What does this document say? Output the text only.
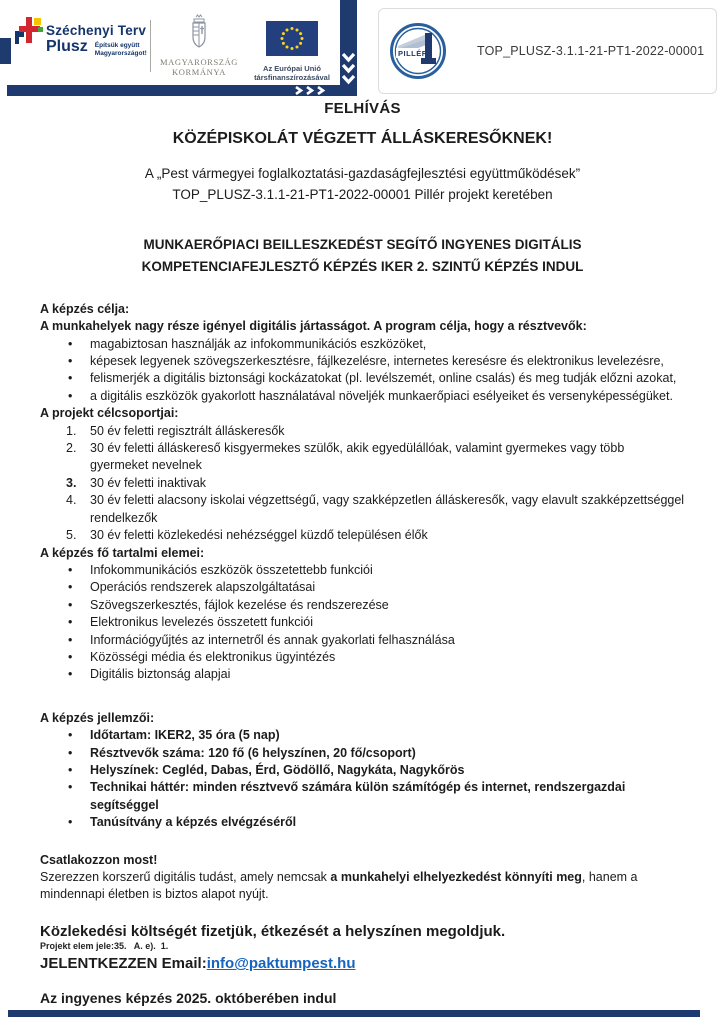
Széchenyi Terv
Plusz Építsük együtt
Magyarországot!
MAGYARORSZÁG
KORMÁNYA	Az Európai Unió
társfinanszírozásával
PILLÉR	TOP_PLUSZ-3.1.1-21-PT1-2022-00001
FELHÍVÁS
KÖZÉPISKOLÁT VÉGZETT ÁLLÁSKERESŐKNEK!
A „Pest vármegyei foglalkoztatási-gazdaságfejlesztési együttműködések”
TOP_PLUSZ-3.1.1-21-PT1-2022-00001 Pillér projekt keretében
MUNKAERŐPIACI BEILLESZKEDÉST SEGÍTŐ INGYENES DIGITÁLIS
KOMPETENCIAFEJLESZTŐ KÉPZÉS IKER 2. SZINTŰ KÉPZÉS INDUL
A képzés célja:
A munkahelyek nagy része igényel digitális jártasságot. A program célja, hogy a résztvevők:
•	magabiztosan használják az infokommunikációs eszközöket,
•	képesek legyenek szövegszerkesztésre, fájlkezelésre, internetes keresésre és elektronikus levelezésre,
•	felismerjék a digitális biztonsági kockázatokat (pl. levélszemét, online csalás) és meg tudják előzni azokat,
•	a digitális eszközök gyakorlott használatával növeljék munkaerőpiaci esélyeiket és versenyképességüket.
A projekt célcsoportjai:
1.	50 év feletti regisztrált álláskeresők
2.	30 év feletti álláskereső kisgyermekes szülők, akik egyedülállóak, valamint gyermekes vagy több gyermeket nevelnek
3.	30 év feletti inaktivak
4.	30 év feletti alacsony iskolai végzettségű, vagy szakképzetlen álláskeresők, vagy elavult szakképzettséggel rendelkezők
5.	30 év feletti közlekedési nehézséggel küzdő településen élők
A képzés fő tartalmi elemei:
•	Infokommunikációs eszközök összetettebb funkciói
•	Operációs rendszerek alapszolgáltatásai
•	Szövegszerkesztés, fájlok kezelése és rendszerezése
•	Elektronikus levelezés összetett funkciói
•	Információgyűjtés az internetről és annak gyakorlati felhasználása
•	Közösségi média és elektronikus ügyintézés
•	Digitális biztonság alapjai
A képzés jellemzői:
•	Időtartam: IKER2, 35 óra (5 nap)
•	Résztvevők száma: 120 fő (6 helyszínen, 20 fő/csoport)
•	Helyszínek: Cegléd, Dabas, Érd, Gödöllő, Nagykáta, Nagykőrös
•	Technikai háttér: minden résztvevő számára külön számítógép és internet, rendszergazdai segítséggel
•	Tanúsítvány a képzés elvégzéséről
Csatlakozzon most!
Szerezzen korszerű digitális tudást, amely nemcsak a munkahelyi elhelyezkedést könnyíti meg, hanem a mindennapi életben is biztos alapot nyújt.
Közlekedési költségét fizetjük, étkezését a helyszínen megoldjuk.
JELENTKEZZEN Email:info@paktumpest.hu
Az ingyenes képzés 2025. októberében indul
Projekt elem jele:35.   A. e).  1.
